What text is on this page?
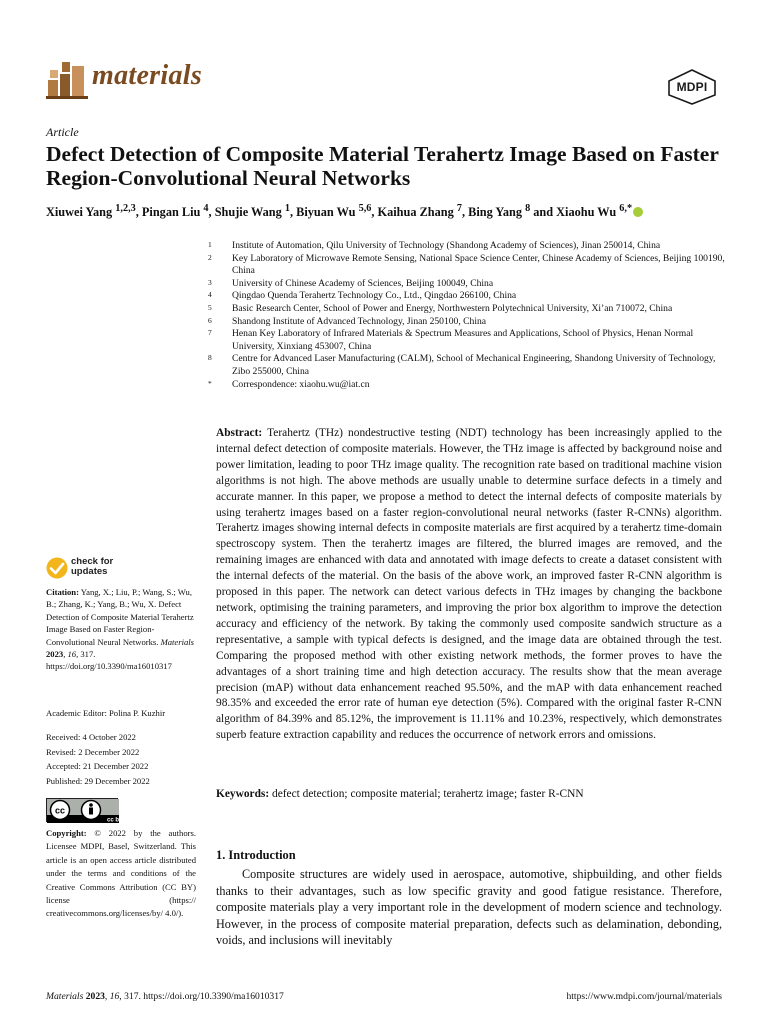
materials	MDPI
Article
Defect Detection of Composite Material Terahertz Image Based on Faster Region-Convolutional Neural Networks
Xiuwei Yang $^{1,2,3}$, Pingan Liu $^4$, Shujie Wang $^1$, Biyuan Wu $^{5,6}$, Kaihua Zhang $^7$, Bing Yang $^8$ and Xiaohu Wu $^{6,*}$
1	Institute of Automation, Qilu University of Technology (Shandong Academy of Sciences), Jinan 250014, China
2	Key Laboratory of Microwave Remote Sensing, National Space Science Center, Chinese Academy of Sciences, Beijing 100190, China
3	University of Chinese Academy of Sciences, Beijing 100049, China
4	Qingdao Quenda Terahertz Technology Co., Ltd., Qingdao 266100, China
5	Basic Research Center, School of Power and Energy, Northwestern Polytechnical University, Xi’an 710072, China
6	Shandong Institute of Advanced Technology, Jinan 250100, China
7	Henan Key Laboratory of Infrared Materials & Spectrum Measures and Applications, School of Physics, Henan Normal University, Xinxiang 453007, China
8	Centre for Advanced Laser Manufacturing (CALM), School of Mechanical Engineering, Shandong University of Technology, Zibo 255000, China
*	Correspondence: xiaohu.wu@iat.cn
Abstract: Terahertz (THz) nondestructive testing (NDT) technology has been increasingly applied to the internal defect detection of composite materials. However, the THz image is affected by background noise and power limitation, leading to poor THz image quality. The recognition rate based on traditional machine vision algorithms is not high. The above methods are usually unable to determine surface defects in a timely and accurate manner. In this paper, we propose a method to detect the internal defects of composite materials by using terahertz images based on a faster region-convolutional neural networks (faster R-CNNs) algorithm. Terahertz images showing internal defects in composite materials are first acquired by a terahertz time-domain spectroscopy system. Then the terahertz images are filtered, the blurred images are removed, and the remaining images are enhanced with data and annotated with image defects to create a dataset consistent with the internal defects of the material. On the basis of the above work, an improved faster R-CNN algorithm is proposed in this paper. The network can detect various defects in THz images by changing the backbone network, optimising the training parameters, and improving the prior box algorithm to improve the detection accuracy and efficiency of the network. By taking the commonly used composite sandwich structure as a representative, a sample with typical defects is designed, and the image data are obtained through the test. Comparing the proposed method with other existing network methods, the former proves to have the advantages of a short training time and high detection accuracy. The results show that the mean average precision (mAP) without data enhancement reached 95.50%, and the mAP with data enhancement reached 98.35% and exceeded the error rate of human eye detection (5%). Compared with the original faster R-CNN algorithm of 84.39% and 85.12%, the improvement is 11.11% and 10.23%, respectively, which demonstrates superb feature extraction capability and reduces the occurrence of network errors and omissions.
Keywords: defect detection; composite material; terahertz image; faster R-CNN
check for
updates
Citation: Yang, X.; Liu, P.; Wang, S.; Wu, B.; Zhang, K.; Yang, B.; Wu, X. Defect Detection of Composite Material Terahertz Image Based on Faster Region-Convolutional Neural Networks. Materials 2023, 16, 317. https://doi.org/10.3390/ma16010317
Academic Editor: Polina P. Kuzhir
Received: 4 October 2022
Revised: 2 December 2022
Accepted: 21 December 2022
Published: 29 December 2022
cc
cc by
Copyright: © 2022 by the authors. Licensee MDPI, Basel, Switzerland. This article is an open access article distributed under the terms and conditions of the Creative Commons Attribution (CC BY) license (https:// creativecommons.org/licenses/by/ 4.0/).
1. Introduction

Composite structures are widely used in aerospace, automotive, shipbuilding, and other fields thanks to their advantages, such as low specific gravity and good fatigue resistance. Therefore, composite materials play a very important role in the development of modern science and technology. However, in the process of composite material preparation, defects such as delamination, debonding, voids, and inclusions will inevitably

Materials 2023, 16, 317. https://doi.org/10.3390/ma16010317	https://www.mdpi.com/journal/materials
